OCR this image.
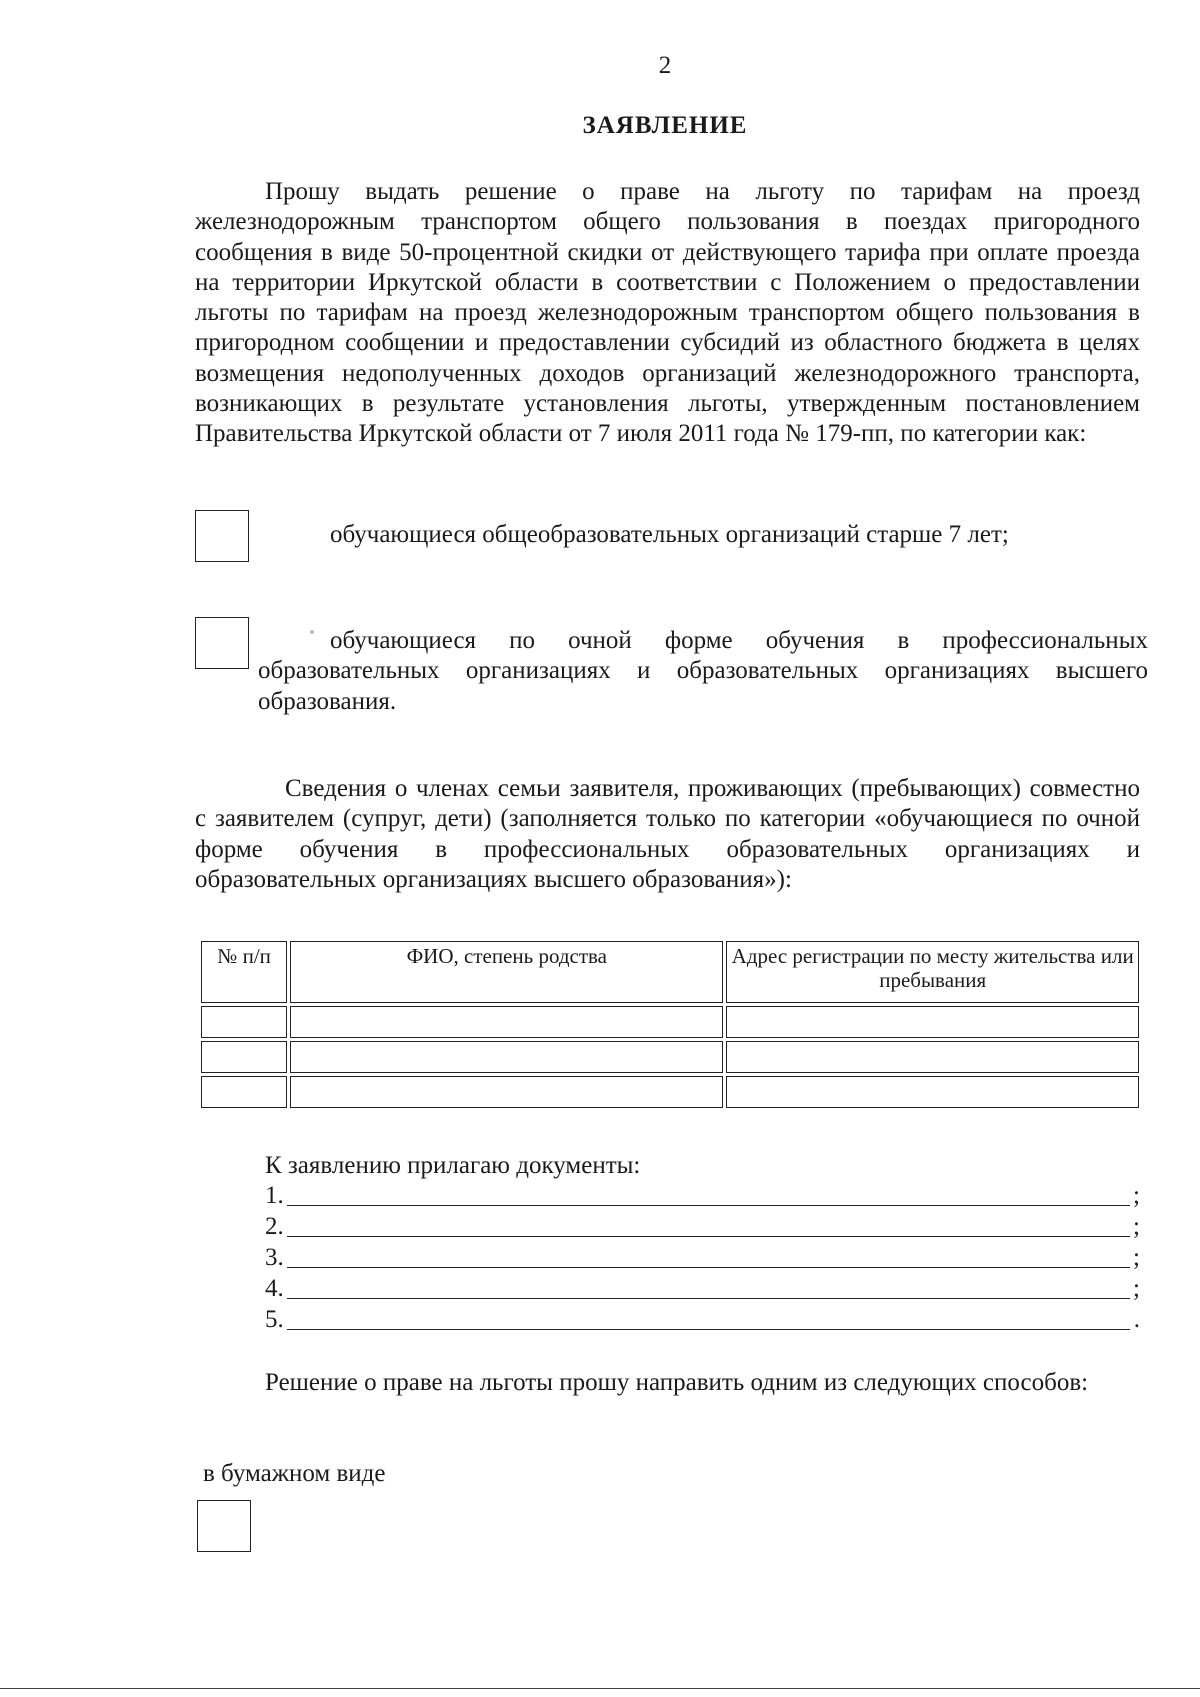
2
ЗАЯВЛЕНИЕ
Прошу выдать решение о праве на льготу по тарифам на проезд железнодорожным транспортом общего пользования в поездах пригородного сообщения в виде 50-процентной скидки от действующего тарифа при оплате проезда на территории Иркутской области в соответствии с Положением о предоставлении льготы по тарифам на проезд железнодорожным транспортом общего пользования в пригородном сообщении и предоставлении субсидий из областного бюджета в целях возмещения недополученных доходов организаций железнодорожного транспорта, возникающих в результате установления льготы, утвержденным постановлением Правительства Иркутской области от 7 июля 2011 года № 179-пп, по категории как:
обучающиеся общеобразовательных организаций старше 7 лет;
обучающиеся по очной форме обучения в профессиональных образовательных организациях и образовательных организациях высшего образования.
Сведения о членах семьи заявителя, проживающих (пребывающих) совместно с заявителем (супруг, дети) (заполняется только по категории «обучающиеся по очной форме обучения в профессиональных образовательных организациях и образовательных организациях высшего образования»):
№ п/п	ФИО, степень родства	Адрес регистрации по месту жительства или пребывания

К заявлению прилагаю документы:
1.	;
2.	;
3.	;
4.	;
5.	.
Решение о праве на льготы прошу направить одним из следующих способов:
в бумажном виде
